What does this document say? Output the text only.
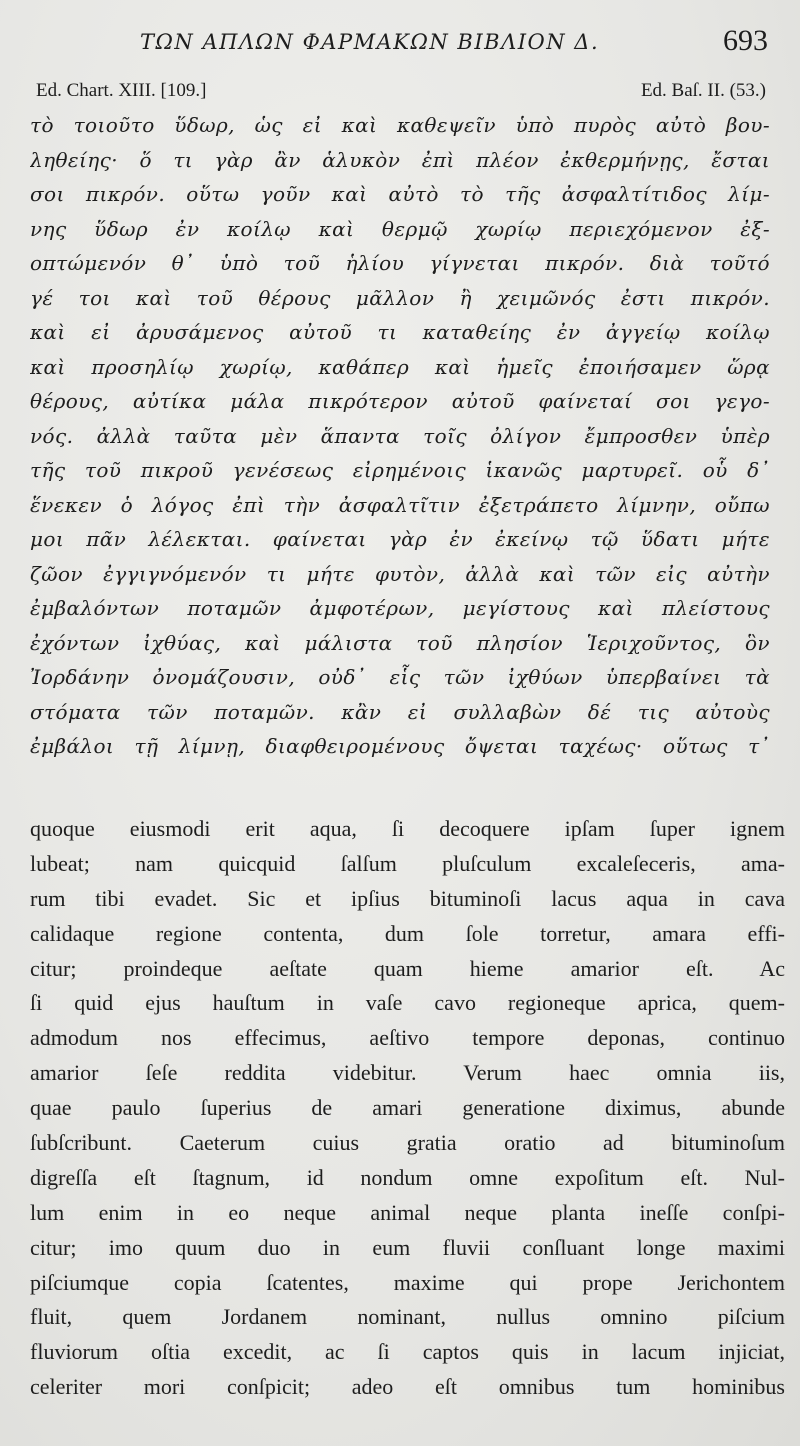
ΤΩΝ ΑΠΛΩΝ ΦΑΡΜΑΚΩΝ ΒΙΒΛΙΟΝ Δ.	693
Ed. Chart. XIII. [109.]	Ed. Baſ. II. (53.)
τὸ τοιοῦτο ὕδωρ, ὡς εἰ καὶ καθεψεῖν ὑπὸ πυρὸς αὐτὸ βου-
ληθείης· ὅ τι γὰρ ἂν ἁλυκὸν ἐπὶ πλέον ἐκθερμήνῃς, ἔσται
σοι πικρόν. οὕτω γοῦν καὶ αὐτὸ τὸ τῆς ἀσφαλτίτιδος λίμ-
νης ὕδωρ ἐν κοίλῳ καὶ θερμῷ χωρίῳ περιεχόμενον ἐξ-
οπτώμενόν θ᾽ ὑπὸ τοῦ ἡλίου γίγνεται πικρόν. διὰ τοῦτό
γέ τοι καὶ τοῦ θέρους μᾶλλον ἢ χειμῶνός ἐστι πικρόν.
καὶ εἰ ἀρυσάμενος αὐτοῦ τι καταθείης ἐν ἀγγείῳ κοίλῳ
καὶ προσηλίῳ χωρίῳ, καθάπερ καὶ ἡμεῖς ἐποιήσαμεν ὥρᾳ
θέρους, αὐτίκα μάλα πικρότερον αὐτοῦ φαίνεταί σοι γεγο-
νός. ἀλλὰ ταῦτα μὲν ἅπαντα τοῖς ὀλίγον ἔμπροσθεν ὑπὲρ
τῆς τοῦ πικροῦ γενέσεως εἰρημένοις ἱκανῶς μαρτυρεῖ. οὗ δ᾽
ἕνεκεν ὁ λόγος ἐπὶ τὴν ἀσφαλτῖτιν ἐξετράπετο λίμνην, οὔπω
μοι πᾶν λέλεκται. φαίνεται γὰρ ἐν ἐκείνῳ τῷ ὕδατι μήτε
ζῶον ἐγγιγνόμενόν τι μήτε φυτὸν, ἀλλὰ καὶ τῶν εἰς αὐτὴν
ἐμβαλόντων ποταμῶν ἀμφοτέρων, μεγίστους καὶ πλείστους
ἐχόντων ἰχθύας, καὶ μάλιστα τοῦ πλησίον Ἱεριχοῦντος, ὃν
Ἰορδάνην ὀνομάζουσιν, οὐδ᾽ εἷς τῶν ἰχθύων ὑπερβαίνει τὰ
στόματα τῶν ποταμῶν. κἂν εἰ συλλαβὼν δέ τις αὐτοὺς
ἐμβάλοι τῇ λίμνῃ, διαφθειρομένους ὄψεται ταχέως· οὕτως τ᾽
quoque eiusmodi erit aqua, ſi decoquere ipſam ſuper ignem
lubeat; nam quicquid ſalſum pluſculum excaleſeceris, ama-
rum tibi evadet. Sic et ipſius bituminoſi lacus aqua in cava
calidaque regione contenta, dum ſole torretur, amara effi-
citur; proindeque aeſtate quam hieme amarior eſt. Ac
ſi quid ejus hauſtum in vaſe cavo regioneque aprica, quem-
admodum nos effecimus, aeſtivo tempore deponas, continuo
amarior ſeſe reddita videbitur. Verum haec omnia iis,
quae paulo ſuperius de amari generatione diximus, abunde
ſubſcribunt. Caeterum cuius gratia oratio ad bituminoſum
digreſſa eſt ſtagnum, id nondum omne expoſitum eſt. Nul-
lum enim in eo neque animal neque planta ineſſe conſpi-
citur; imo quum duo in eum fluvii conſluant longe maximi
piſciumque copia ſcatentes, maxime qui prope Jerichontem
fluit, quem Jordanem nominant, nullus omnino piſcium
fluviorum oſtia excedit, ac ſi captos quis in lacum injiciat,
celeriter mori conſpicit; adeo eſt omnibus tum hominibus
